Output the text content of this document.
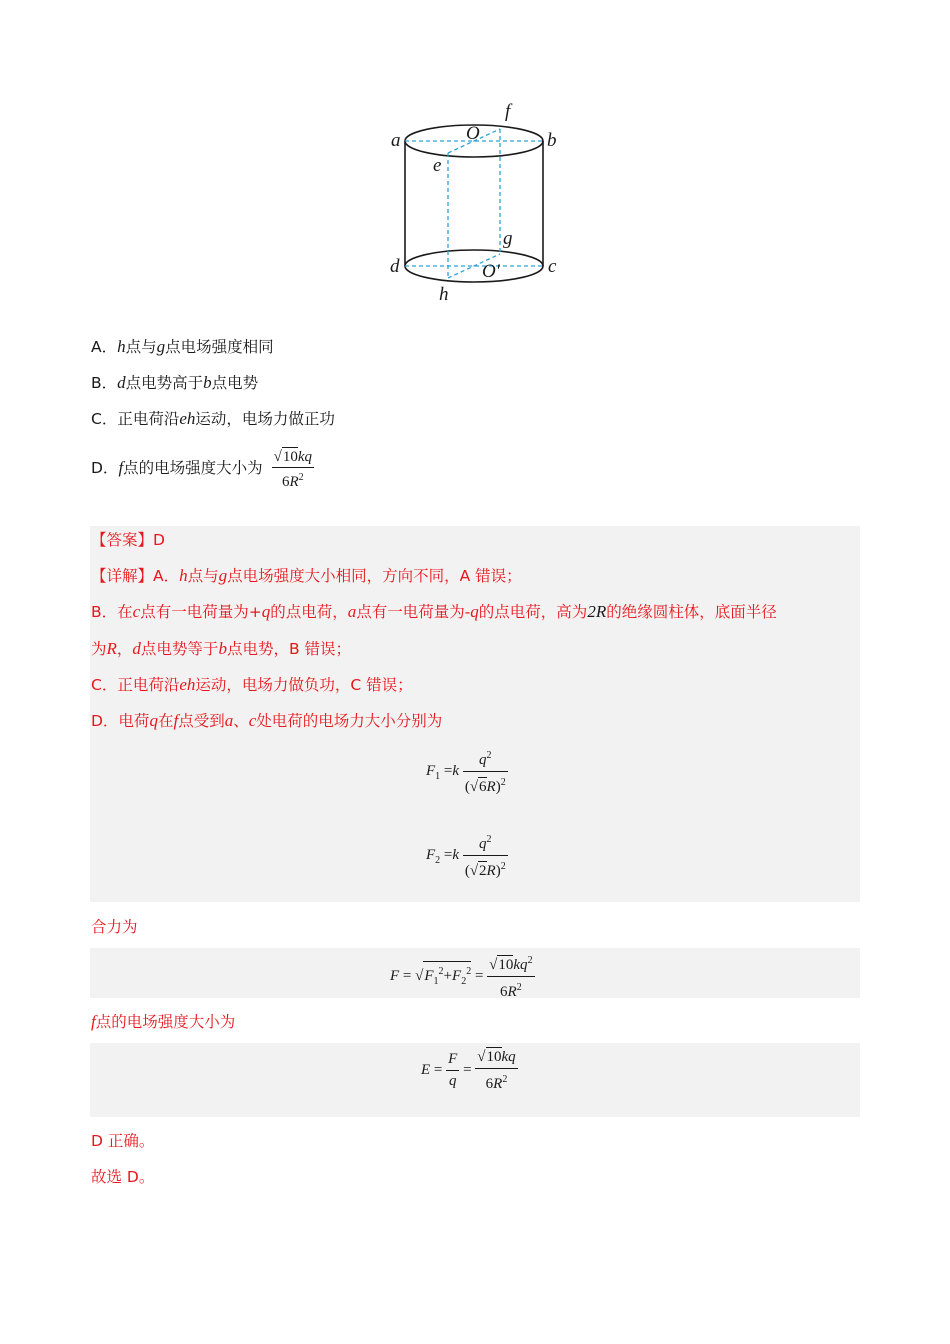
a	b
c
d
e
f
g
h
O
O′
A．h点与g点电场强度相同
B．d点电势高于b点电势
C．正电荷沿eh运动，电场力做正功
D．f点的电场强度大小为 $\frac{√10kq}{6R^2}$
【答案】D
【详解】A．h点与g点电场强度大小相同，方向不同，A 错误；
B．在c点有一电荷量为+q的点电荷，a点有一电荷量为-q的点电荷，高为2R的绝缘圆柱体，底面半径
为R，d点电势等于b点电势，B 错误；
C．正电荷沿eh运动，电场力做负功，C 错误；
D．电荷q在f点受到a、c处电荷的电场力大小分别为
$F_1 =k \frac{q^2}{(√6R)^2}$
$F_2 =k \frac{q^2}{(√2R)^2}$
合力为
$F = √F_1^2+F_2^2 = \frac{√10kq^2}{6R^2}$
f点的电场强度大小为
$E = \frac{F}{q} = \frac{√10kq}{6R^2}$
D 正确。
故选 D。
